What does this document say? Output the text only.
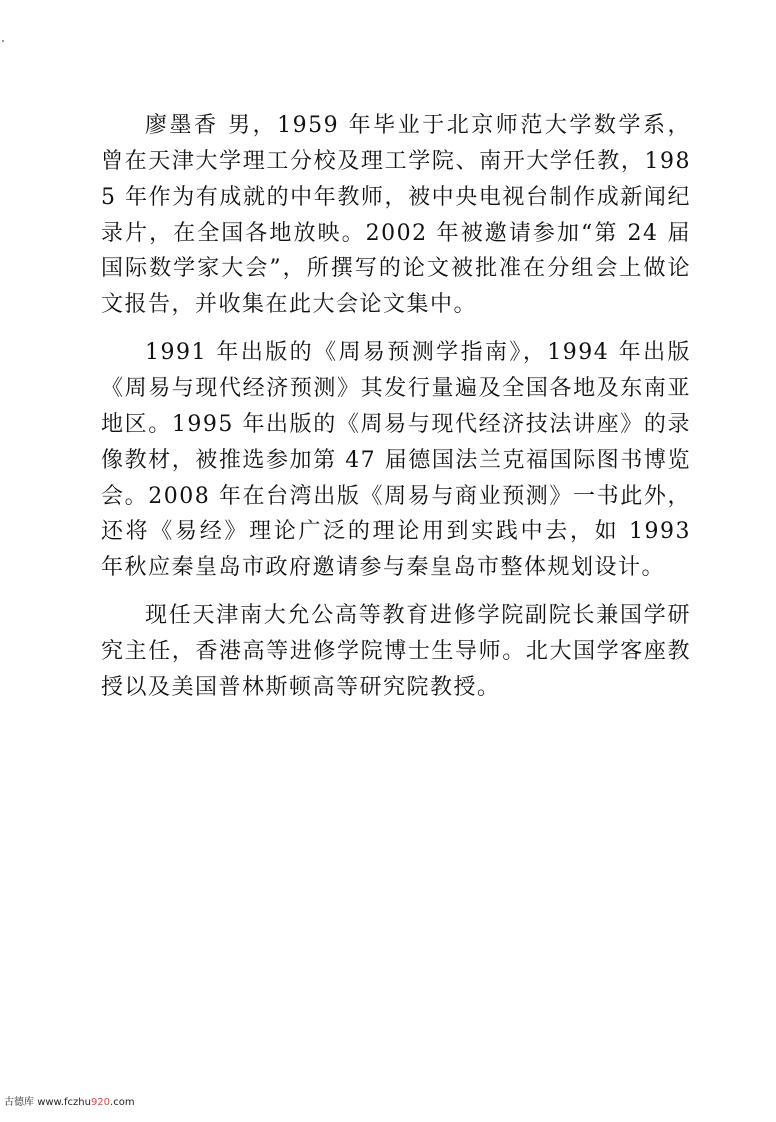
廖墨香 男，1959 年毕业于北京师范大学数学系，曾在天津大学理工分校及理工学院、南开大学任教，1985 年作为有成就的中年教师，被中央电视台制作成新闻纪录片，在全国各地放映。2002 年被邀请参加“第 24 届国际数学家大会”，所撰写的论文被批准在分组会上做论文报告，并收集在此大会论文集中。

1991 年出版的《周易预测学指南》，1994 年出版《周易与现代经济预测》其发行量遍及全国各地及东南亚地区。1995 年出版的《周易与现代经济技法讲座》的录像教材，被推选参加第 47 届德国法兰克福国际图书博览会。2008 年在台湾出版《周易与商业预测》一书此外，还将《易经》理论广泛的理论用到实践中去，如 1993 年秋应秦皇岛市政府邀请参与秦皇岛市整体规划设计。

现任天津南大允公高等教育进修学院副院长兼国学研究主任，香港高等进修学院博士生导师。北大国学客座教授以及美国普林斯顿高等研究院教授。

古德库 www.fczhu920.com
